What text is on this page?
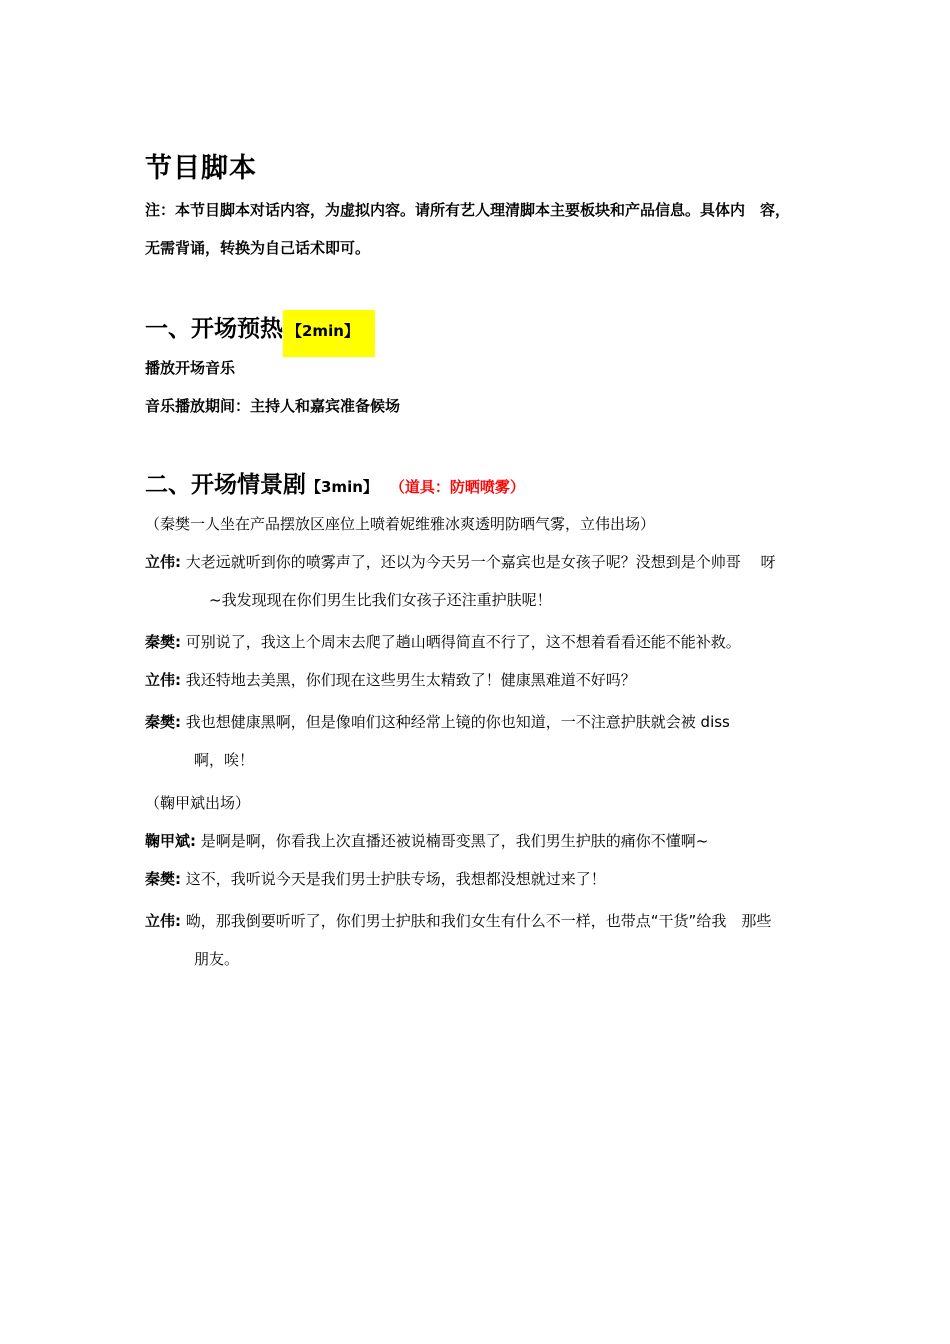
节目脚本
注：本节目脚本对话内容，为虚拟内容。请所有艺人理清脚本主要板块和产品信息。具体内　容，
无需背诵，转换为自己话术即可。
一、开场预热 【2min】
播放开场音乐
音乐播放期间：主持人和嘉宾准备候场
二、开场情景剧【3min】 （道具：防晒喷雾）
（秦樊一人坐在产品摆放区座位上喷着妮维雅冰爽透明防晒气雾，立伟出场）
立伟: 大老远就听到你的喷雾声了，还以为今天另一个嘉宾也是女孩子呢？没想到是个帅哥　 呀
~我发现现在你们男生比我们女孩子还注重护肤呢！
秦樊: 可别说了，我这上个周末去爬了趟山晒得简直不行了，这不想着看看还能不能补救。
立伟: 我还特地去美黑，你们现在这些男生太精致了！健康黑难道不好吗？
秦樊: 我也想健康黑啊，但是像咱们这种经常上镜的你也知道，一不注意护肤就会被 diss
啊，唉！
（鞠甲斌出场）
鞠甲斌: 是啊是啊，你看我上次直播还被说楠哥变黑了，我们男生护肤的痛你不懂啊~
秦樊: 这不，我听说今天是我们男士护肤专场，我想都没想就过来了！
立伟: 呦，那我倒要听听了，你们男士护肤和我们女生有什么不一样，也带点“干货”给我　那些
朋友。
